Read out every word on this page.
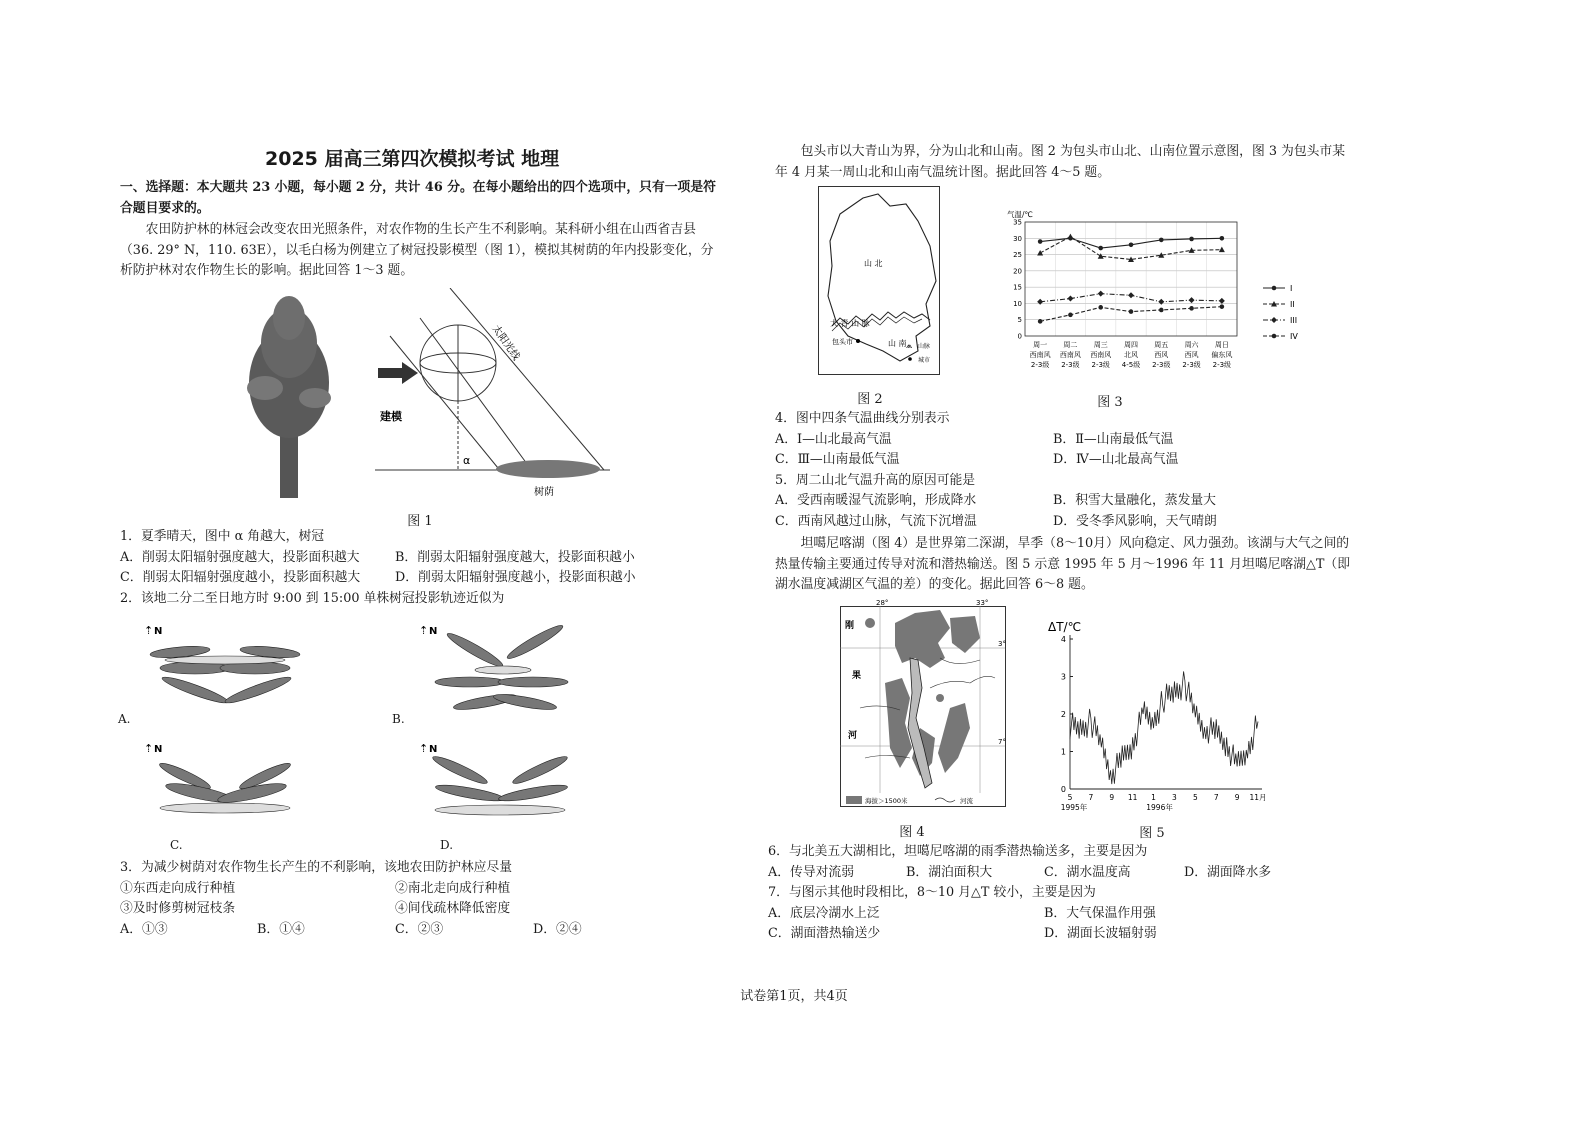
2025 届高三第四次模拟考试 地理
一、选择题：本大题共 23 小题，每小题 2 分，共计 46 分。在每小题给出的四个选项中，只有一项是符合题目要求的。
农田防护林的林冠会改变农田光照条件，对农作物的生长产生不利影响。某科研小组在山西省吉县（36. 29° N，110. 63E），以毛白杨为例建立了树冠投影模型（图 1），模拟其树荫的年内投影变化，分析防护林对农作物生长的影响。据此回答 1～3 题。
建模
太阳光线
α
树荫
图 1
1．夏季晴天，图中 α 角越大，树冠
A．削弱太阳辐射强度越大，投影面积越大	B．削弱太阳辐射强度越大，投影面积越小
C．削弱太阳辐射强度越小，投影面积越大	D．削弱太阳辐射强度越小，投影面积越小
2．该地二分二至日地方时 9:00 到 15:00 单株树冠投影轨迹近似为
⇡ N
A.
⇡ N
B.
⇡ N
C.
⇡ N
D.
3．为减少树荫对农作物生长产生的不利影响，该地农田防护林应尽量
①东西走向成行种植	②南北走向成行种植
③及时修剪树冠枝条	④间伐疏林降低密度
A．①③	B．①④	C．②③	D．②④
包头市以大青山为界，分为山北和山南。图 2 为包头市山北、山南位置示意图，图 3 为包头市某年 4 月某一周山北和山南气温统计图。据此回答 4～5 题。
山 北
大 青 山 脉
包头市	山 南 ⩕ 山脉
城市
图 2
气温/℃
0
5
10
15
20
25
30
35
周一
西南风
2-3级
周二
西南风
2-3级
周三
西南风
2-3级
周四
北风
4-5级
周五
西风
2-3级
周六
西风
2-3级
周日
偏东风
2-3级
I
II
III
IV
图 3
4．图中四条气温曲线分别表示
A．Ⅰ—山北最高气温	B．Ⅱ—山南最低气温
C．Ⅲ—山南最低气温	D．Ⅳ—山北最高气温
5．周二山北气温升高的原因可能是
A．受西南暖湿气流影响，形成降水	B．积雪大量融化，蒸发量大
C．西南风越过山脉，气流下沉增温	D．受冬季风影响，天气晴朗
坦噶尼喀湖（图 4）是世界第二深湖，旱季（8～10月）风向稳定、风力强劲。该湖与大气之间的热量传输主要通过传导对流和潜热输送。图 5 示意 1995 年 5 月～1996 年 11 月坦噶尼喀湖△T（即湖水温度减湖区气温的差）的变化。据此回答 6～8 题。
28°	33°
3°
7°
刚
果
河
海拔＞1500米	河流
图 4
ΔT/℃
0
1
2
3
4
5 7 9 11 1 3 5 7 9 11月
1995年	1996年
图 5
6．与北美五大湖相比，坦噶尼喀湖的雨季潜热输送多，主要是因为
A．传导对流弱	B．湖泊面积大	C．湖水温度高	D．湖面降水多
7．与图示其他时段相比，8～10 月△T 较小，主要是因为
A．底层冷湖水上泛	B．大气保温作用强
C．湖面潜热输送少	D．湖面长波辐射弱
试卷第1页，共4页
